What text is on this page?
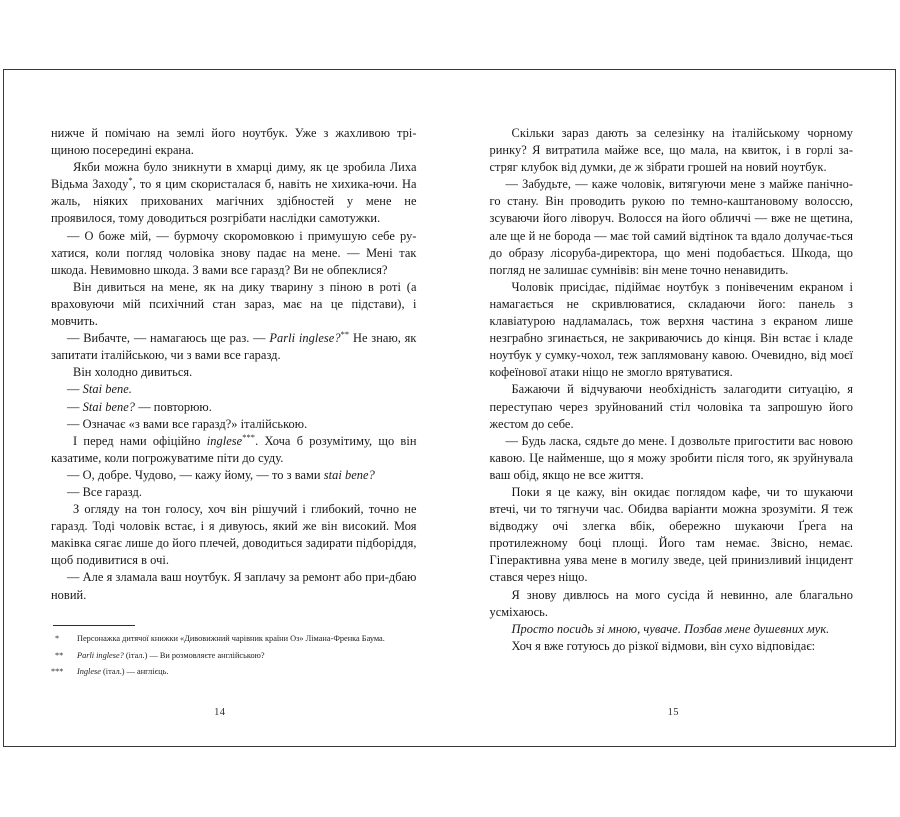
нижче й помічаю на землі його ноутбук. Уже з жахливою трі-щиною посередині екрана.

Якби можна було зникнути в хмарці диму, як це зробила Лиха Відьма Заходу*, то я цим скористалася б, навіть не хихика-ючи. На жаль, ніяких прихованих магічних здібностей у мене не проявилося, тому доводиться розгрібати наслідки самотужки.

— О боже мій, — бурмочу скоромовкою і примушую себе ру-хатися, коли погляд чоловіка знову падає на мене. — Мені так шкода. Невимовно шкода. З вами все гаразд? Ви не обпеклися?

Він дивиться на мене, як на дику тварину з піною в роті (а враховуючи мій психічний стан зараз, має на це підстави), і мовчить.

— Вибачте, — намагаюсь ще раз. — Parli inglese?** Не знаю, як запитати італійською, чи з вами все гаразд.

Він холодно дивиться.

— Stai bene.

— Stai bene? — повторюю.

— Означає «з вами все гаразд?» італійською.

І перед нами офіційно inglese***. Хоча б розумітиму, що він казатиме, коли погрожуватиме піти до суду.

— О, добре. Чудово, — кажу йому, — то з вами stai bene?

— Все гаразд.

З огляду на тон голосу, хоч він рішучий і глибокий, точно не гаразд. Тоді чоловік встає, і я дивуюсь, який же він високий. Моя маківка сягає лише до його плечей, доводиться задирати підборіддя, щоб подивитися в очі.

— Але я зламала ваш ноутбук. Я заплачу за ремонт або при-дбаю новий.

*	Персонажка дитячої книжки «Дивовижний чарівник країни Оз» Лімана-Френка Баума.
**	Parli inglese? (італ.) — Ви розмовляєте англійською?
***	Inglese (італ.) — англієць.
14

Скільки зараз дають за селезінку на італійському чорному ринку? Я витратила майже все, що мала, на квиток, і в горлі за-стряг клубок від думки, де ж зібрати грошей на новий ноутбук.

— Забудьте, — каже чоловік, витягуючи мене з майже панічно-го стану. Він проводить рукою по темно-каштановому волоссю, зсуваючи його ліворуч. Волосся на його обличчі — вже не щетина, але ще й не борода — має той самий відтінок та вдало долучає-ться до образу лісоруба-директора, що мені подобається. Шкода, що погляд не залишає сумнівів: він мене точно ненавидить.

Чоловік присідає, підіймає ноутбук з понівеченим екраном і намагається не скривлюватися, складаючи його: панель з клавіатурою надламалась, тож верхня частина з екраном лише незграбно згинається, не закриваючись до кінця. Він встає і кладе ноутбук у сумку-чохол, теж заплямовану кавою. Очевидно, від моєї кофеїнової атаки ніщо не змогло врятуватися.

Бажаючи й відчуваючи необхідність залагодити ситуацію, я переступаю через зруйнований стіл чоловіка та запрошую його жестом до себе.

— Будь ласка, сядьте до мене. І дозвольте пригостити вас новою кавою. Це найменше, що я можу зробити після того, як зруйнувала ваш обід, якщо не все життя.

Поки я це кажу, він окидає поглядом кафе, чи то шукаючи втечі, чи то тягнучи час. Обидва варіанти можна зрозуміти. Я теж відводжу очі злегка вбік, обережно шукаючи Ґрега на протилежному боці площі. Його там немає. Звісно, немає. Гіперактивна уява мене в могилу зведе, цей принизливий інцидент стався через ніщо.

Я знову дивлюсь на мого сусіда й невинно, але благально усміхаюсь.

Просто посидь зі мною, чуваче. Позбав мене душевних мук.

Хоч я вже готуюсь до різкої відмови, він сухо відповідає:

15
